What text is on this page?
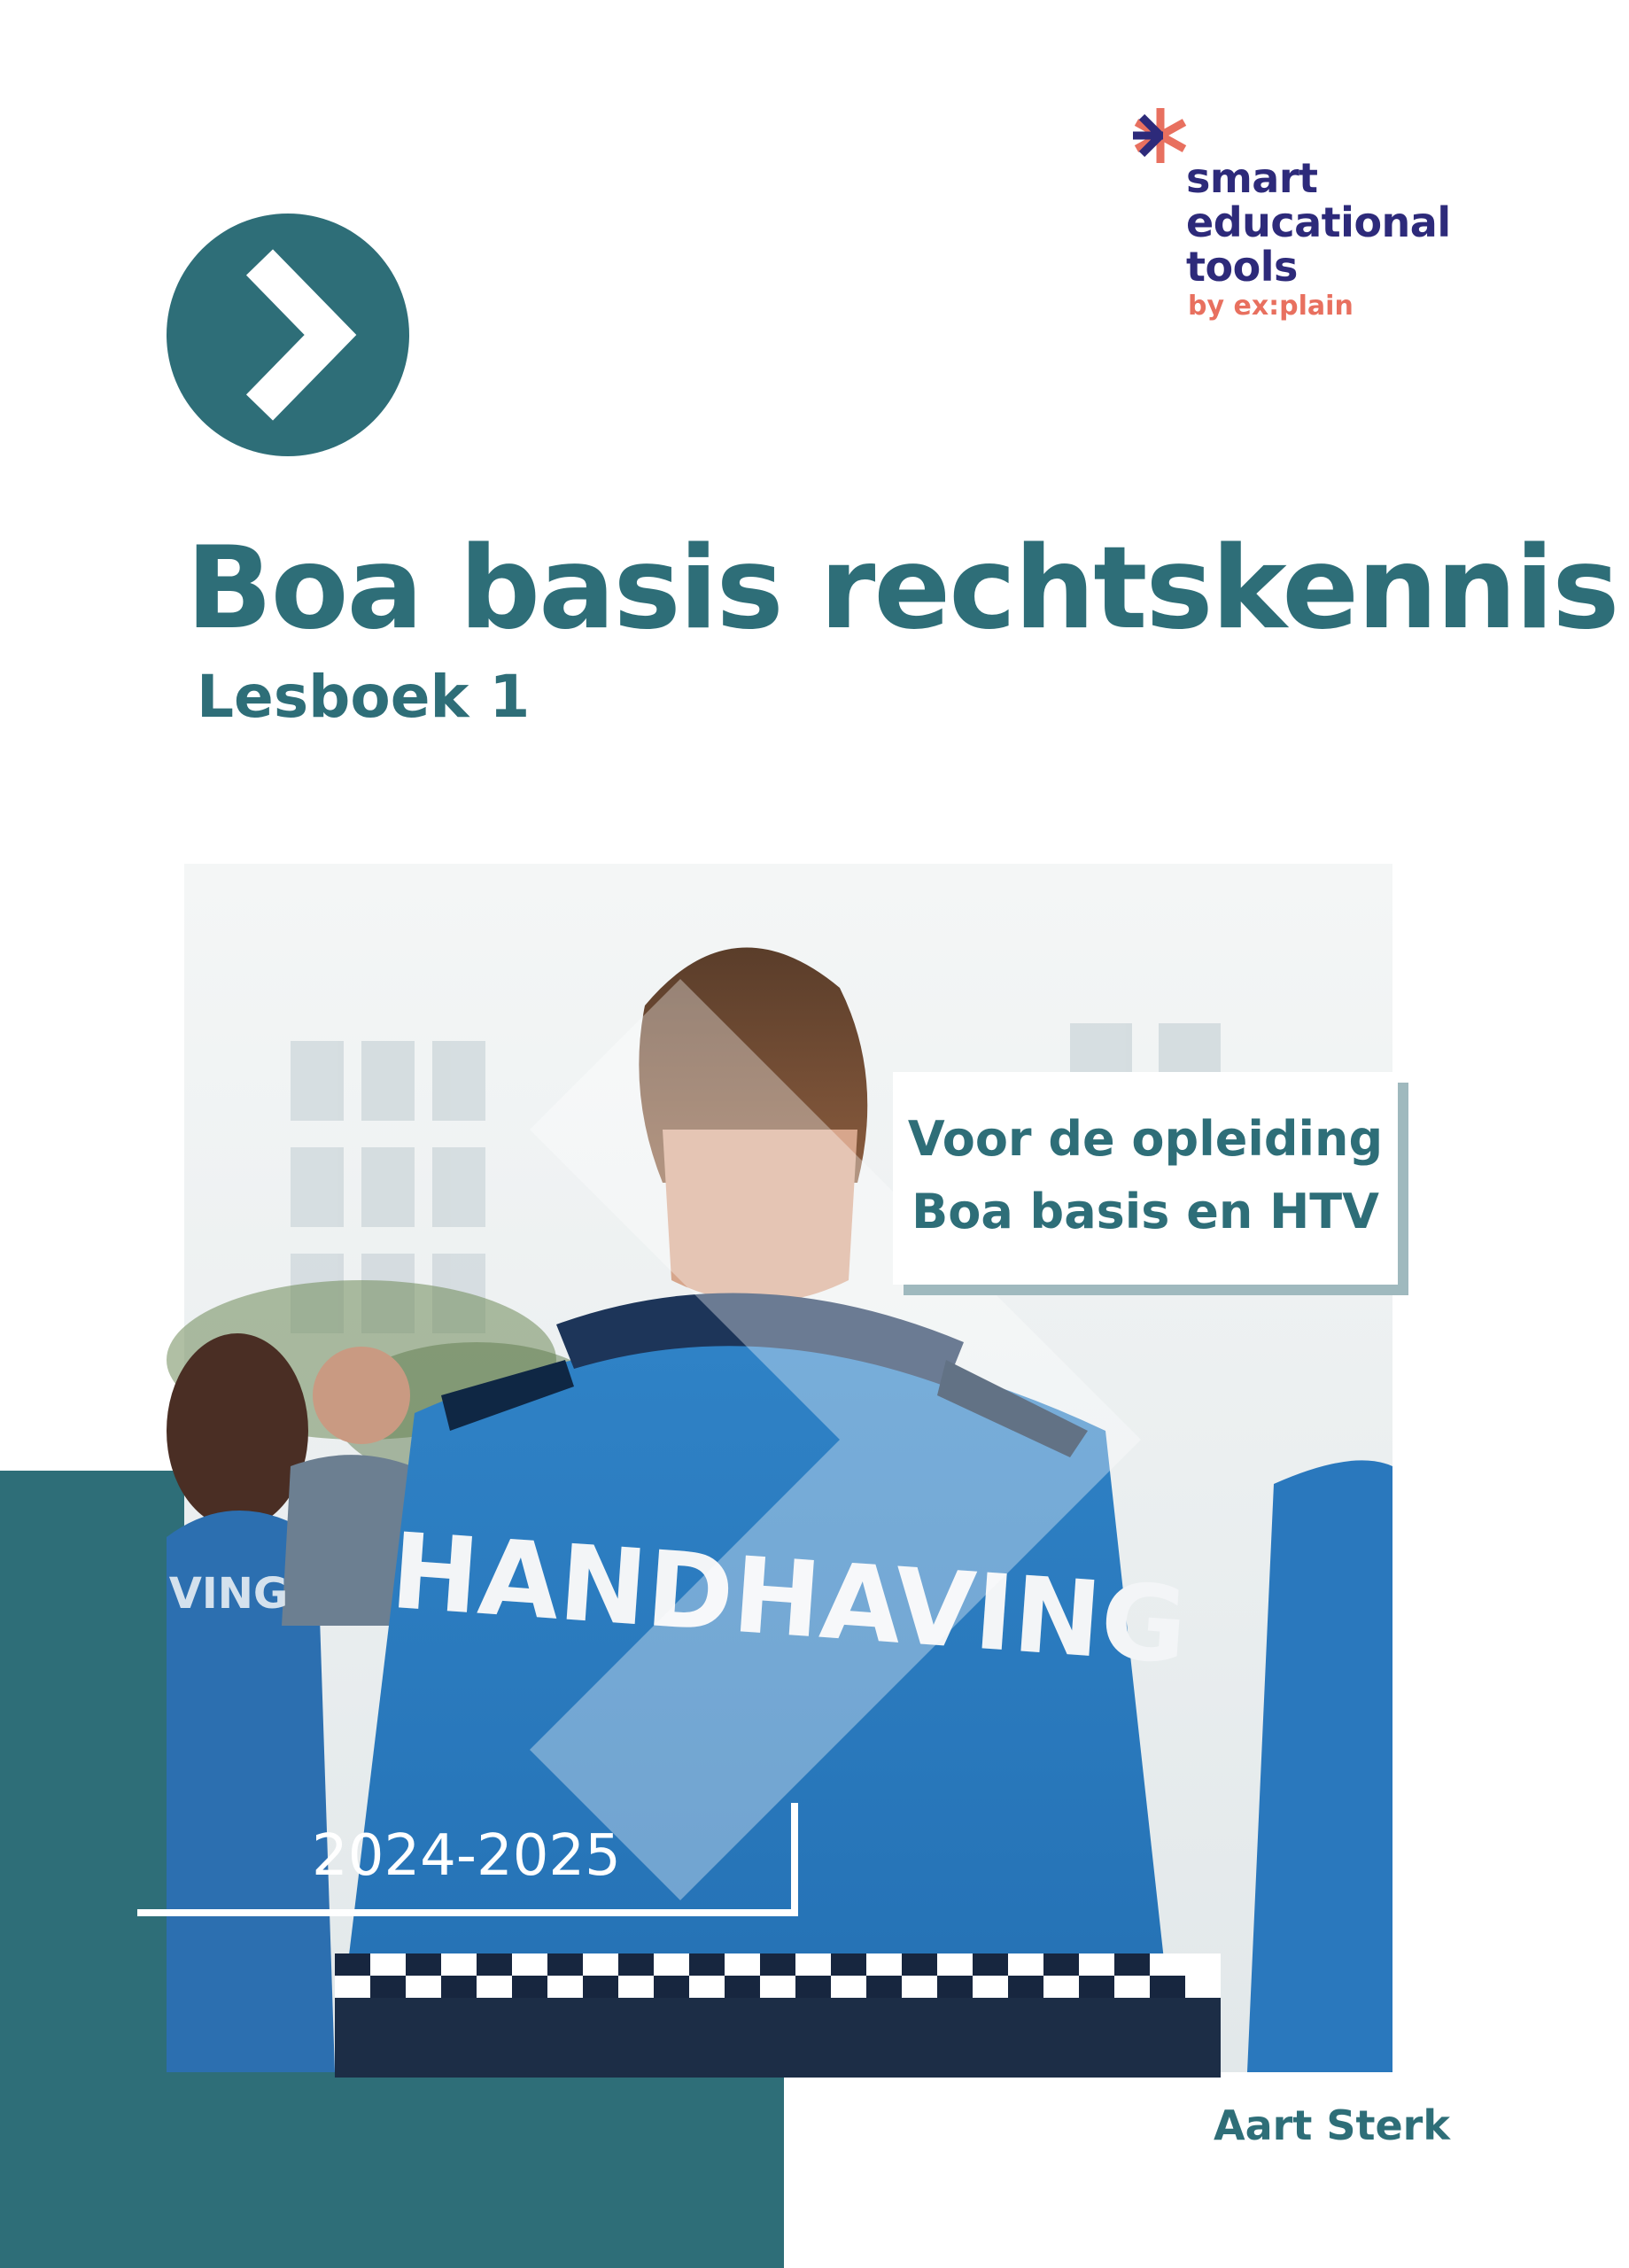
smart
educational
tools
by ex:plain
Boa basis rechtskennis
Lesboek 1
HANDHAVING
VING
Voor de opleiding
Boa basis en HTV
2024-2025
Aart Sterk
